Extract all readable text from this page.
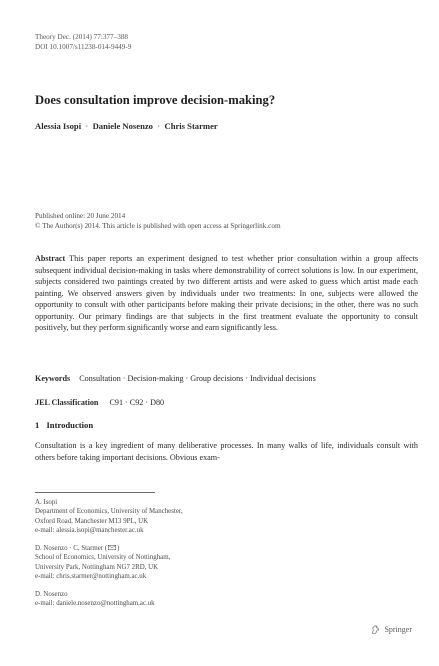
Theory Dec. (2014) 77:377–388
DOI 10.1007/s11238-014-9449-9
Does consultation improve decision-making?
Alessia Isopi · Daniele Nosenzo · Chris Starmer
Published online: 20 June 2014
© The Author(s) 2014. This article is published with open access at Springerlink.com
Abstract This paper reports an experiment designed to test whether prior consultation within a group affects subsequent individual decision-making in tasks where demonstrability of correct solutions is low. In our experiment, subjects considered two paintings created by two different artists and were asked to guess which artist made each painting. We observed answers given by individuals under two treatments: In one, subjects were allowed the opportunity to consult with other participants before making their private decisions; in the other, there was no such opportunity. Our primary findings are that subjects in the first treatment evaluate the opportunity to consult positively, but they perform significantly worse and earn significantly less.
Keywords Consultation · Decision-making · Group decisions · Individual decisions
JEL Classification C91 · C92 · D80
1 Introduction
Consultation is a key ingredient of many deliberative processes. In many walks of life, individuals consult with others before taking important decisions. Obvious exam-
A. Isopi
Department of Economics, University of Manchester,
Oxford Road, Manchester M13 9PL, UK
e-mail: alessia.isopi@manchester.ac.uk
D. Nosenzo · C. Starmer ( )
School of Economics, University of Nottingham,
University Park, Nottingham NG7 2RD, UK
e-mail: chris.starmer@nottingham.ac.uk
D. Nosenzo
e-mail: daniele.nosenzo@nottingham.ac.uk
Springer
